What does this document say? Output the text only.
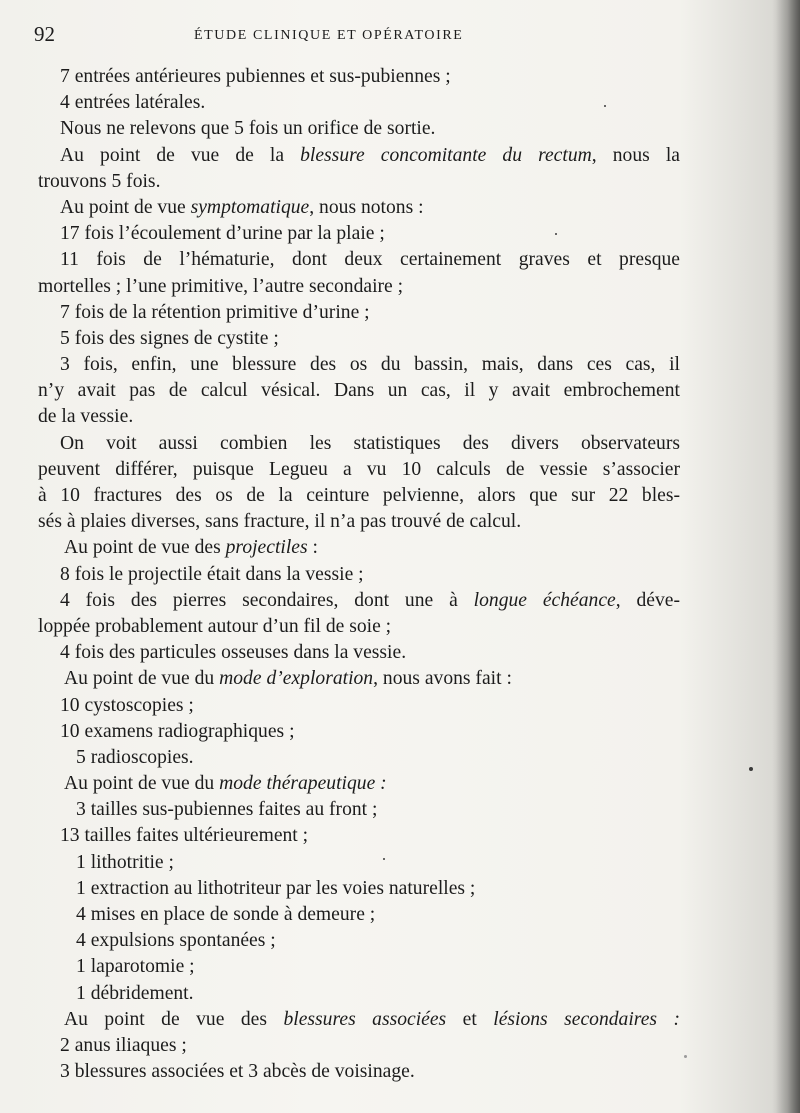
92	ÉTUDE CLINIQUE ET OPÉRATOIRE
7 entrées antérieures pubiennes et sus-pubiennes ;
4 entrées latérales.
Nous ne relevons que 5 fois un orifice de sortie.
Au point de vue de la blessure concomitante du rectum, nous la
trouvons 5 fois.
Au point de vue symptomatique, nous notons :
17 fois l’écoulement d’urine par la plaie ;
11 fois de l’hématurie, dont deux certainement graves et presque
mortelles ; l’une primitive, l’autre secondaire ;
7 fois de la rétention primitive d’urine ;
5 fois des signes de cystite ;
3 fois, enfin, une blessure des os du bassin, mais, dans ces cas, il
n’y avait pas de calcul vésical. Dans un cas, il y avait embrochement
de la vessie.
On voit aussi combien les statistiques des divers observateurs
peuvent différer, puisque Legueu a vu 10 calculs de vessie s’associer
à 10 fractures des os de la ceinture pelvienne, alors que sur 22 bles-
sés à plaies diverses, sans fracture, il n’a pas trouvé de calcul.
Au point de vue des projectiles :
8 fois le projectile était dans la vessie ;
4 fois des pierres secondaires, dont une à longue échéance, déve-
loppée probablement autour d’un fil de soie ;
4 fois des particules osseuses dans la vessie.
Au point de vue du mode d’exploration, nous avons fait :
10 cystoscopies ;
10 examens radiographiques ;
5 radioscopies.
Au point de vue du mode thérapeutique :
3 tailles sus-pubiennes faites au front ;
13 tailles faites ultérieurement ;
1 lithotritie ;
1 extraction au lithotriteur par les voies naturelles ;
4 mises en place de sonde à demeure ;
4 expulsions spontanées ;
1 laparotomie ;
1 débridement.
Au point de vue des blessures associées et lésions secondaires :
2 anus iliaques ;
3 blessures associées et 3 abcès de voisinage.
